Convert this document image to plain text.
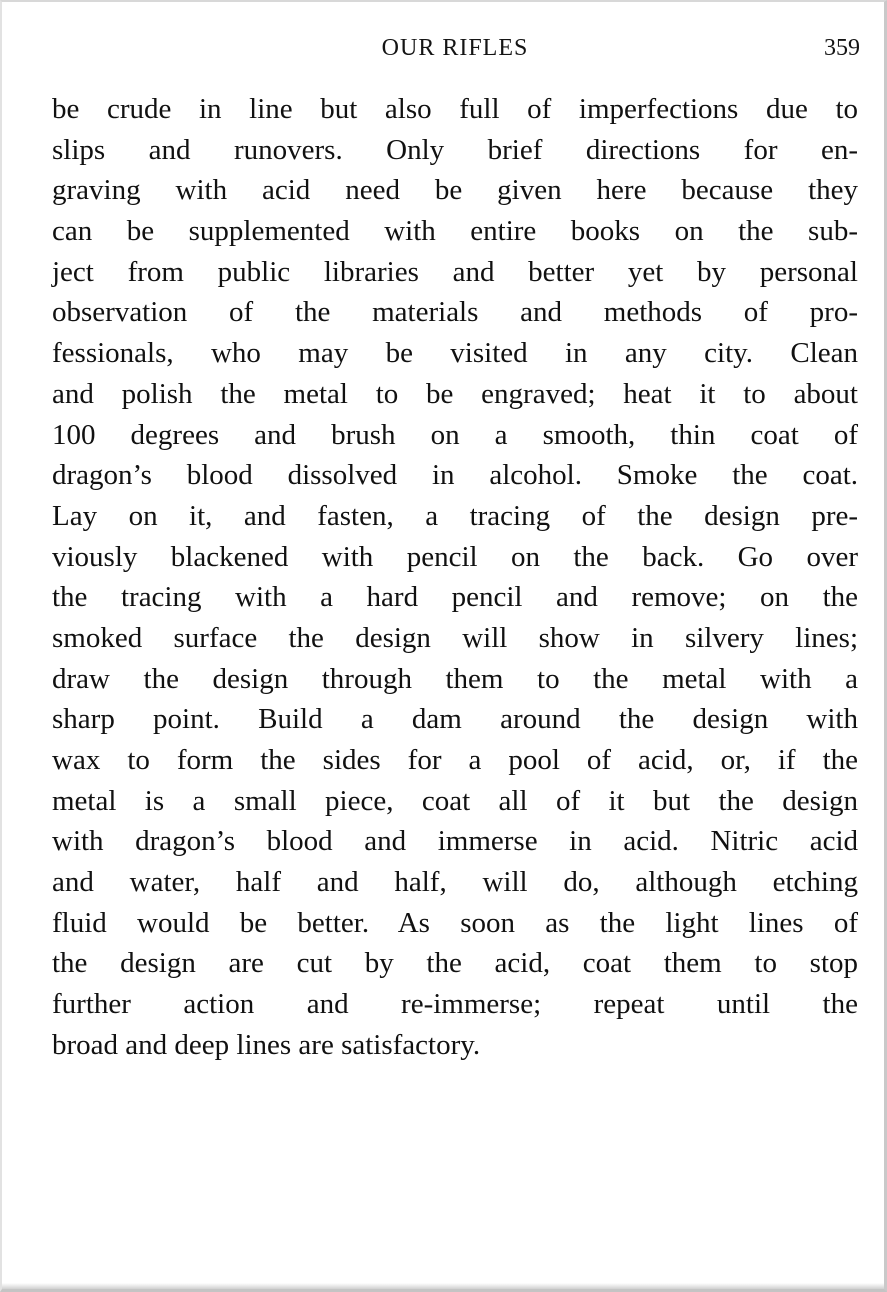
OUR RIFLES	359
be crude in line but also full of imperfections due to
slips and runovers. Only brief directions for en-
graving with acid need be given here because they
can be supplemented with entire books on the sub-
ject from public libraries and better yet by personal
observation of the materials and methods of pro-
fessionals, who may be visited in any city. Clean
and polish the metal to be engraved; heat it to about
100 degrees and brush on a smooth, thin coat of
dragon’s blood dissolved in alcohol. Smoke the coat.
Lay on it, and fasten, a tracing of the design pre-
viously blackened with pencil on the back. Go over
the tracing with a hard pencil and remove; on the
smoked surface the design will show in silvery lines;
draw the design through them to the metal with a
sharp point. Build a dam around the design with
wax to form the sides for a pool of acid, or, if the
metal is a small piece, coat all of it but the design
with dragon’s blood and immerse in acid. Nitric acid
and water, half and half, will do, although etching
fluid would be better. As soon as the light lines of
the design are cut by the acid, coat them to stop
further action and re-immerse; repeat until the
broad and deep lines are satisfactory.
